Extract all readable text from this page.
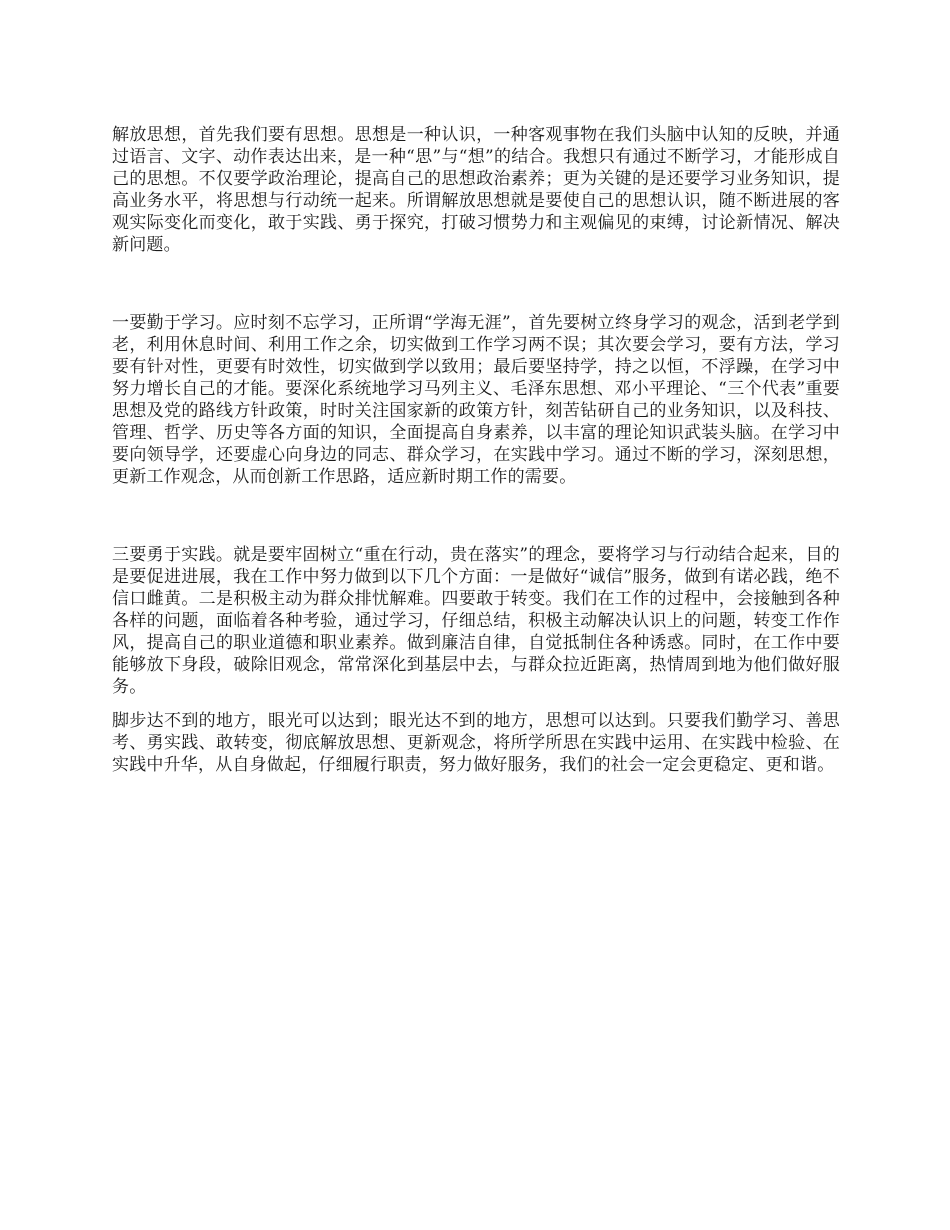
解放思想，首先我们要有思想。思想是一种认识，一种客观事物在我们头脑中认知的反映，并通过语言、文字、动作表达出来，是一种“思”与“想”的结合。我想只有通过不断学习，才能形成自己的思想。不仅要学政治理论，提高自己的思想政治素养；更为关键的是还要学习业务知识，提高业务水平，将思想与行动统一起来。所谓解放思想就是要使自己的思想认识，随不断进展的客观实际变化而变化，敢于实践、勇于探究，打破习惯势力和主观偏见的束缚，讨论新情况、解决新问题。

一要勤于学习。应时刻不忘学习，正所谓“学海无涯”，首先要树立终身学习的观念，活到老学到老，利用休息时间、利用工作之余，切实做到工作学习两不误；其次要会学习，要有方法，学习要有针对性，更要有时效性，切实做到学以致用；最后要坚持学，持之以恒，不浮躁，在学习中努力增长自己的才能。要深化系统地学习马列主义、毛泽东思想、邓小平理论、“三个代表”重要思想及党的路线方针政策，时时关注国家新的政策方针，刻苦钻研自己的业务知识，以及科技、管理、哲学、历史等各方面的知识，全面提高自身素养，以丰富的理论知识武装头脑。在学习中要向领导学，还要虚心向身边的同志、群众学习，在实践中学习。通过不断的学习，深刻思想，更新工作观念，从而创新工作思路，适应新时期工作的需要。

三要勇于实践。就是要牢固树立“重在行动，贵在落实”的理念，要将学习与行动结合起来，目的是要促进进展，我在工作中努力做到以下几个方面：一是做好“诚信”服务，做到有诺必践，绝不信口雌黄。二是积极主动为群众排忧解难。四要敢于转变。我们在工作的过程中，会接触到各种各样的问题，面临着各种考验，通过学习，仔细总结，积极主动解决认识上的问题，转变工作作风，提高自己的职业道德和职业素养。做到廉洁自律，自觉抵制住各种诱惑。同时，在工作中要能够放下身段，破除旧观念，常常深化到基层中去，与群众拉近距离，热情周到地为他们做好服务。

脚步达不到的地方，眼光可以达到；眼光达不到的地方，思想可以达到。只要我们勤学习、善思考、勇实践、敢转变，彻底解放思想、更新观念，将所学所思在实践中运用、在实践中检验、在实践中升华，从自身做起，仔细履行职责，努力做好服务，我们的社会一定会更稳定、更和谐。
